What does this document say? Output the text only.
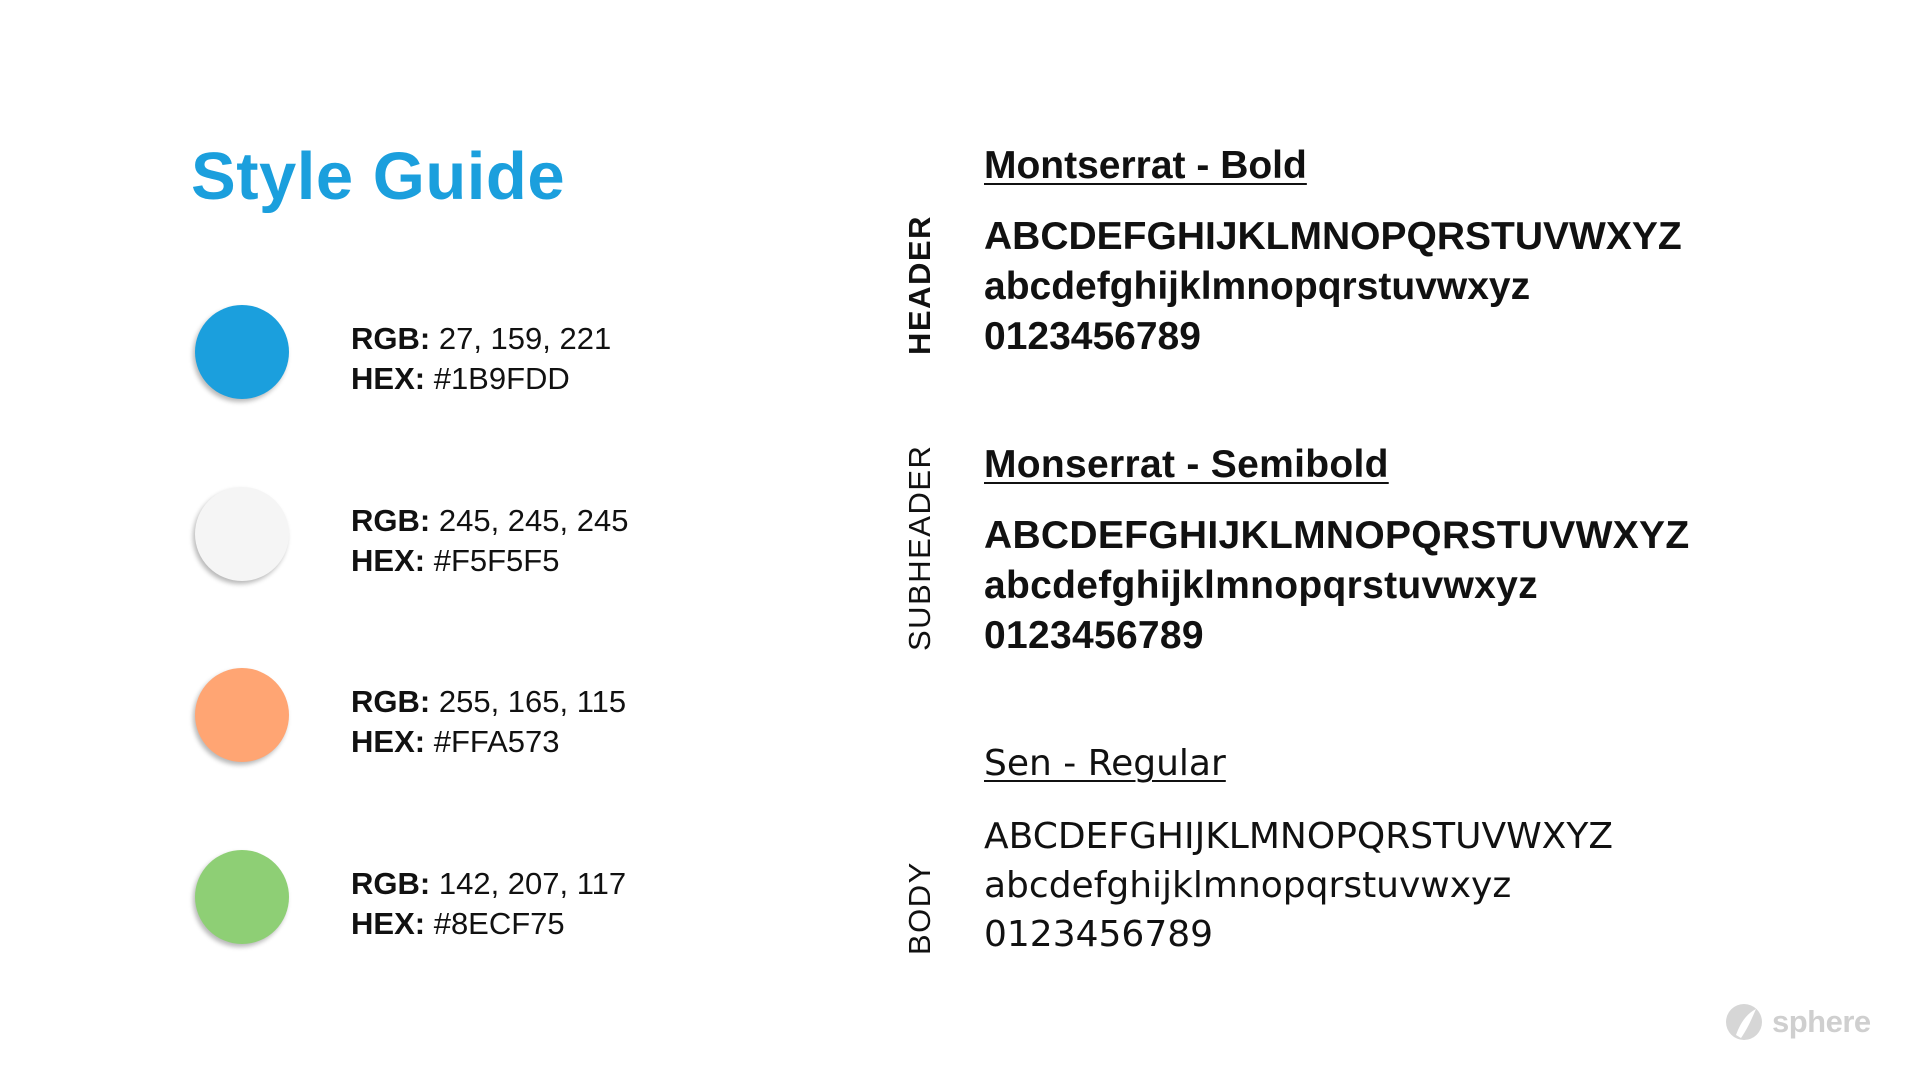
Style Guide
RGB: 27, 159, 221
HEX: #1B9FDD
RGB: 245, 245, 245
HEX: #F5F5F5
RGB: 255, 165, 115
HEX: #FFA573
RGB: 142, 207, 117
HEX: #8ECF75
HEADER
SUBHEADER
BODY
Montserrat - Bold
ABCDEFGHIJKLMNOPQRSTUVWXYZ
abcdefghijklmnopqrstuvwxyz
0123456789
Monserrat - Semibold
ABCDEFGHIJKLMNOPQRSTUVWXYZ
abcdefghijklmnopqrstuvwxyz
0123456789
Sen - Regular
ABCDEFGHIJKLMNOPQRSTUVWXYZ
abcdefghijklmnopqrstuvwxyz
0123456789
sphere
